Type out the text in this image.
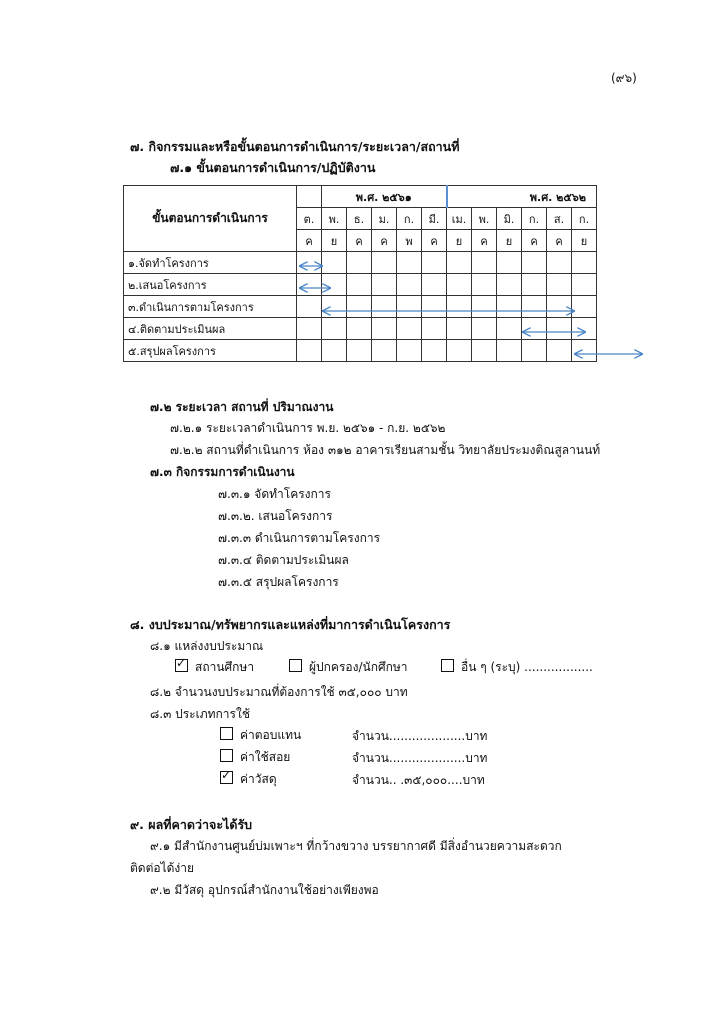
(๙๖)
๗. กิจกรรมและหรือขั้นตอนการดำเนินการ/ระยะเวลา/สถานที่
๗.๑ ขั้นตอนการดำเนินการ/ปฏิบัติงาน
ขั้นตอนการดำเนินการ		พ.ศ. ๒๕๖๑					พ.ศ. ๒๕๖๒					
	ต.	พ.	ธ.	ม.	ก.	มี.	เม.	พ.	มิ.	ก.	ส.	ก.
	ค	ย	ค	ค	พ	ค	ย	ค	ย	ค	ค	ย
๑.จัดทำโครงการ												
๒.เสนอโครงการ												
๓.ดำเนินการตามโครงการ												
๔.ติดตามประเมินผล												
๕.สรุปผลโครงการ												
๗.๒ ระยะเวลา สถานที่ ปริมาณงาน
๗.๒.๑ ระยะเวลาดำเนินการ พ.ย. ๒๕๖๑ - ก.ย. ๒๕๖๒
๗.๒.๒ สถานที่ดำเนินการ ห้อง ๓๑๒ อาคารเรียนสามชั้น วิทยาลัยประมงติณสูลานนท์
๗.๓ กิจกรรมการดำเนินงาน
๗.๓.๑ จัดทำโครงการ
๗.๓.๒. เสนอโครงการ
๗.๓.๓ ดำเนินการตามโครงการ
๗.๓.๔ ติดตามประเมินผล
๗.๓.๕ สรุปผลโครงการ
๘. งบประมาณ/ทรัพยากรและแหล่งที่มาการดำเนินโครงการ
๘.๑ แหล่งงบประมาณ
✓สถานศึกษา	ผู้ปกครอง/นักศึกษา	อื่น ๆ (ระบุ) ..................
๘.๒ จำนวนงบประมาณที่ต้องการใช้ ๓๕,๐๐๐ บาท
๘.๓ ประเภทการใช้
ค่าตอบแทน	จำนวน....................บาท
ค่าใช้สอย	จำนวน....................บาท
✓ค่าวัสดุ	จำนวน.. .๓๕,๐๐๐....บาท
๙. ผลที่คาดว่าจะได้รับ
๙.๑ มีสำนักงานศูนย์บ่มเพาะฯ ที่กว้างขวาง บรรยากาศดี มีสิ่งอำนวยความสะดวก
ติดต่อได้ง่าย
๙.๒ มีวัสดุ อุปกรณ์สำนักงานใช้อย่างเพียงพอ
